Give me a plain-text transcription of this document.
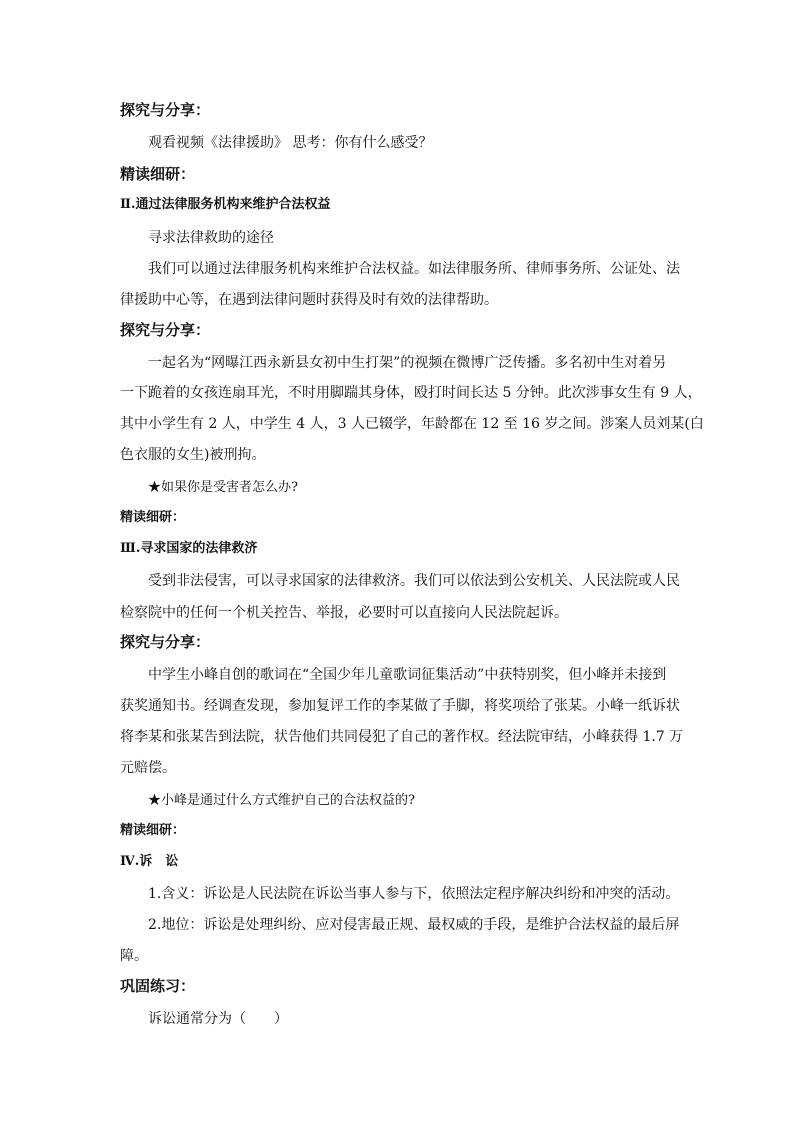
探究与分享：
观看视频《法律援助》 思考：你有什么感受？
精读细研：
Ⅱ.通过法律服务机构来维护合法权益
寻求法律救助的途径
我们可以通过法律服务机构来维护合法权益。如法律服务所、律师事务所、公证处、法
律援助中心等，在遇到法律问题时获得及时有效的法律帮助。
探究与分享：
一起名为“网曝江西永新县女初中生打架”的视频在微博广泛传播。多名初中生对着另
一下跪着的女孩连扇耳光，不时用脚踹其身体，殴打时间长达 5 分钟。此次涉事女生有 9 人，
其中小学生有 2 人，中学生 4 人，3 人已辍学，年龄都在 12 至 16 岁之间。涉案人员刘某(白
色衣服的女生)被刑拘。
★如果你是受害者怎么办?
精读细研：
Ⅲ.寻求国家的法律救济
受到非法侵害，可以寻求国家的法律救济。我们可以依法到公安机关、人民法院或人民
检察院中的任何一个机关控告、举报，必要时可以直接向人民法院起诉。
探究与分享：
中学生小峰自创的歌词在“全国少年儿童歌词征集活动”中获特别奖，但小峰并未接到
获奖通知书。经调查发现，参加复评工作的李某做了手脚，将奖项给了张某。小峰一纸诉状
将李某和张某告到法院，状告他们共同侵犯了自己的著作权。经法院审结，小峰获得 1.7 万
元赔偿。
★小峰是通过什么方式维护自己的合法权益的?
精读细研：
Ⅳ.诉　讼
1.含义：诉讼是人民法院在诉讼当事人参与下，依照法定程序解决纠纷和冲突的活动。
2.地位：诉讼是处理纠纷、应对侵害最正规、最权威的手段，是维护合法权益的最后屏
障。
巩固练习：
诉讼通常分为（　　）
